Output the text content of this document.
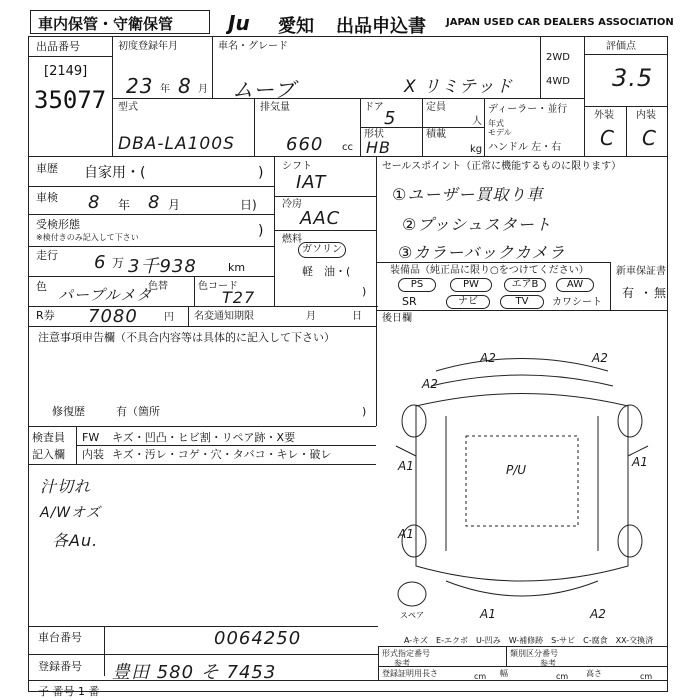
車内保管・守衛保管	Ju 愛知 出品申込書 JAPAN USED CAR DEALERS ASSOCIATION
出品番号
[2149]
35077
初度登録年月
23 年 8 月
車名・グレード
ムーブ	X リミテッド
2WD
4WD
評価点
3.5
外装 内装
C C
型式
DBA-LA100S
排気量
660 cc
ドア
5
定員
人
形状
HB
積載
kg
ディーラー・並行
年式
モデル
ハンドル 左・右
車歴 自家用・(	)
車検 8 年 8 月	日)
受検形態
※検付きのみ記入して下さい	)
走行 6 万 3千938	km
色 パープルメタ
色替	色コード
T27
シフト
IAT
冷房
AAC
燃料
ガソリン
軽　油・(
)
セールスポイント（正常に機能するものに限ります）
①ユーザー買取り車
②プッシュスタート
③カラーバックカメラ
装備品（純正品に限り○をつけてください）
PS	PW	エアB	AW
SR	ナビ	TV	カワシート
新車保証書
有 ・ 無
R券 7080	円 名変通知期限	月	日 後日欄
注意事項申告欄（不具合内容等は具体的に記入して下さい）
修復歴	有（箇所	)
検査員
記入欄
FW キズ・凹凸・ヒビ割・リペア跡・X要
内装 キズ・汚レ・コゲ・穴・タバコ・キレ・破レ
汁切れ
A/Wオズ
各Au.
スペア
A2	A2
A2
A1	A1
A1
A1	A2
P/U
A-キズ　E-エクボ　U-凹み　W-補修跡　S-サビ　C-腐食　XX-交換済
車台番号	0064250
登録番号 豊田 580 そ 7453
形式指定番号
参考
類別区分番号
参考
登録証明用 長さ	cm 幅	cm 高さ	cm
子 番号 1 番
